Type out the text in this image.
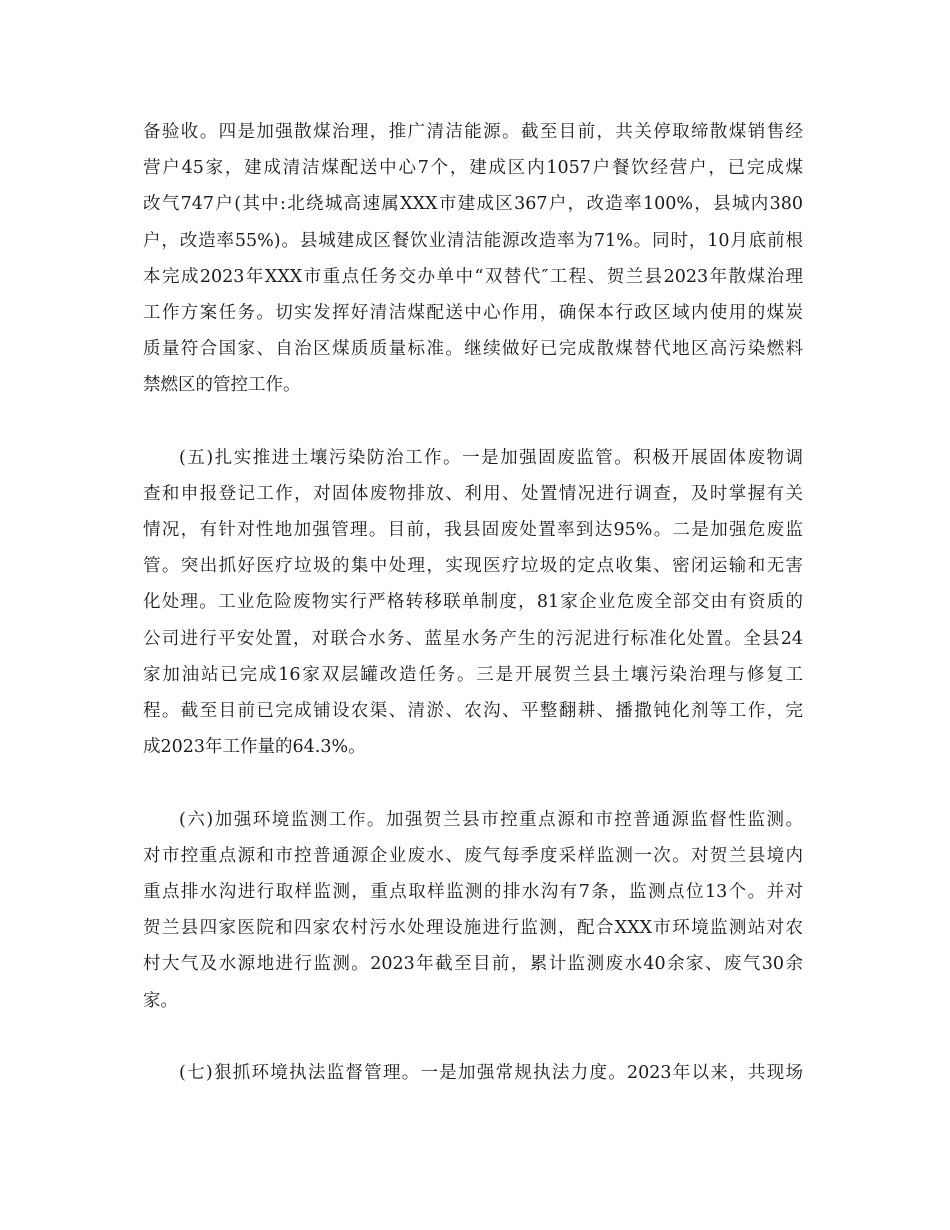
备验收。四是加强散煤治理，推广清洁能源。截至目前，共关停取缔散煤销售经
营户45家，建成清洁煤配送中心7个，建成区内1057户餐饮经营户，已完成煤
改气747户(其中:北绕城高速属XXX市建成区367户，改造率100%，县城内380
户，改造率55%)。县城建成区餐饮业清洁能源改造率为71%。同时，10月底前根
本完成2023年XXX市重点任务交办单中“双替代″工程、贺兰县2023年散煤治理
工作方案任务。切实发挥好清洁煤配送中心作用，确保本行政区域内使用的煤炭
质量符合国家、自治区煤质质量标准。继续做好已完成散煤替代地区高污染燃料
禁燃区的管控工作。
(五)扎实推进土壤污染防治工作。一是加强固废监管。积极开展固体废物调
查和申报登记工作，对固体废物排放、利用、处置情况进行调查，及时掌握有关
情况，有针对性地加强管理。目前，我县固废处置率到达95%。二是加强危废监
管。突出抓好医疗垃圾的集中处理，实现医疗垃圾的定点收集、密闭运输和无害
化处理。工业危险废物实行严格转移联单制度，81家企业危废全部交由有资质的
公司进行平安处置，对联合水务、蓝星水务产生的污泥进行标准化处置。全县24
家加油站已完成16家双层罐改造任务。三是开展贺兰县土壤污染治理与修复工
程。截至目前已完成铺设农渠、清淤、农沟、平整翻耕、播撒钝化剂等工作，完
成2023年工作量的64.3%。
(六)加强环境监测工作。加强贺兰县市控重点源和市控普通源监督性监测。
对市控重点源和市控普通源企业废水、废气每季度采样监测一次。对贺兰县境内
重点排水沟进行取样监测，重点取样监测的排水沟有7条，监测点位13个。并对
贺兰县四家医院和四家农村污水处理设施进行监测，配合XXX市环境监测站对农
村大气及水源地进行监测。2023年截至目前，累计监测废水40余家、废气30余
家。
(七)狠抓环境执法监督管理。一是加强常规执法力度。2023年以来，共现场
